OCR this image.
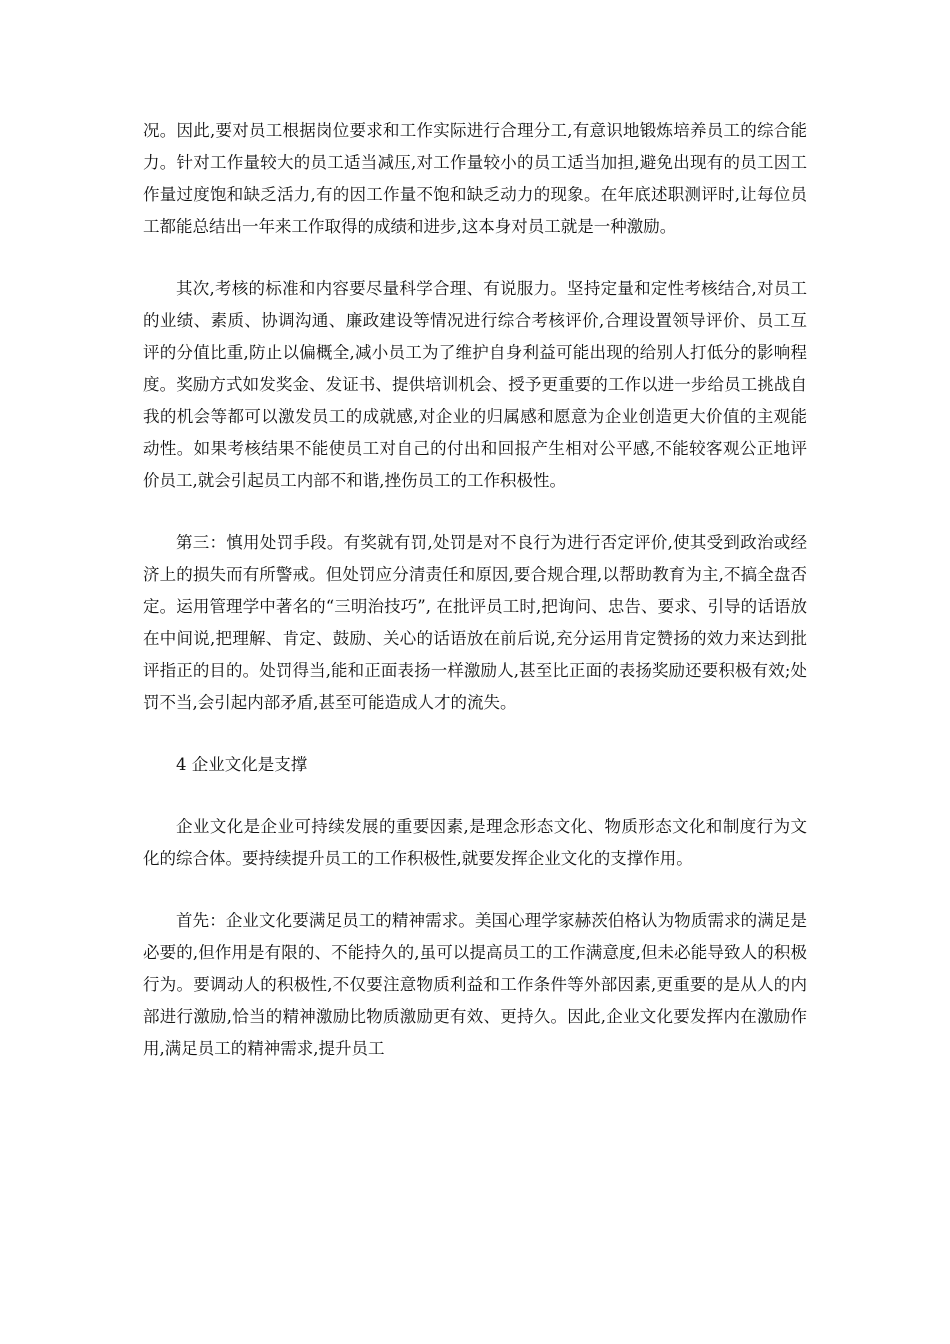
况。因此,要对员工根据岗位要求和工作实际进行合理分工,有意识地锻炼培养员工的综合能力。针对工作量较大的员工适当减压,对工作量较小的员工适当加担,避免出现有的员工因工作量过度饱和缺乏活力,有的因工作量不饱和缺乏动力的现象。在年底述职测评时,让每位员工都能总结出一年来工作取得的成绩和进步,这本身对员工就是一种激励。

其次,考核的标准和内容要尽量科学合理、有说服力。坚持定量和定性考核结合,对员工的业绩、素质、协调沟通、廉政建设等情况进行综合考核评价,合理设置领导评价、员工互评的分值比重,防止以偏概全,减小员工为了维护自身利益可能出现的给别人打低分的影响程度。奖励方式如发奖金、发证书、提供培训机会、授予更重要的工作以进一步给员工挑战自我的机会等都可以激发员工的成就感,对企业的归属感和愿意为企业创造更大价值的主观能动性。如果考核结果不能使员工对自己的付出和回报产生相对公平感,不能较客观公正地评价员工,就会引起员工内部不和谐,挫伤员工的工作积极性。

第三：慎用处罚手段。有奖就有罚,处罚是对不良行为进行否定评价,使其受到政治或经济上的损失而有所警戒。但处罚应分清责任和原因,要合规合理,以帮助教育为主,不搞全盘否定。运用管理学中著名的“三明治技巧”, 在批评员工时,把询问、忠告、要求、引导的话语放在中间说,把理解、肯定、鼓励、关心的话语放在前后说,充分运用肯定赞扬的效力来达到批评指正的目的。处罚得当,能和正面表扬一样激励人,甚至比正面的表扬奖励还要积极有效;处罚不当,会引起内部矛盾,甚至可能造成人才的流失。

4 企业文化是支撑

企业文化是企业可持续发展的重要因素,是理念形态文化、物质形态文化和制度行为文化的综合体。要持续提升员工的工作积极性,就要发挥企业文化的支撑作用。

首先：企业文化要满足员工的精神需求。美国心理学家赫茨伯格认为物质需求的满足是必要的,但作用是有限的、不能持久的,虽可以提高员工的工作满意度,但未必能导致人的积极行为。要调动人的积极性,不仅要注意物质利益和工作条件等外部因素,更重要的是从人的内部进行激励,恰当的精神激励比物质激励更有效、更持久。因此,企业文化要发挥内在激励作用,满足员工的精神需求,提升员工
